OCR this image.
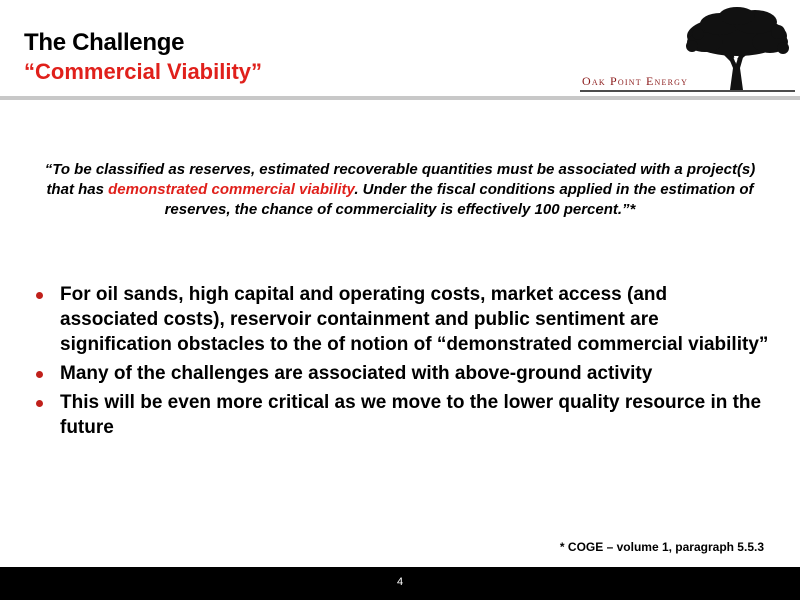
The Challenge
“Commercial Viability”	Oak Point Energy

“To be classified as reserves, estimated recoverable quantities must be associated with a project(s) that has demonstrated commercial viability. Under the fiscal conditions applied in the estimation of reserves, the chance of commerciality is effectively 100 percent.”*

For oil sands, high capital and operating costs, market access (and associated costs), reservoir containment and public sentiment are signification obstacles to the of notion of “demonstrated commercial viability”
Many of the challenges are associated with above-ground activity
This will be even more critical as we move to the lower quality resource in the future
* COGE – volume 1, paragraph 5.5.3
4
